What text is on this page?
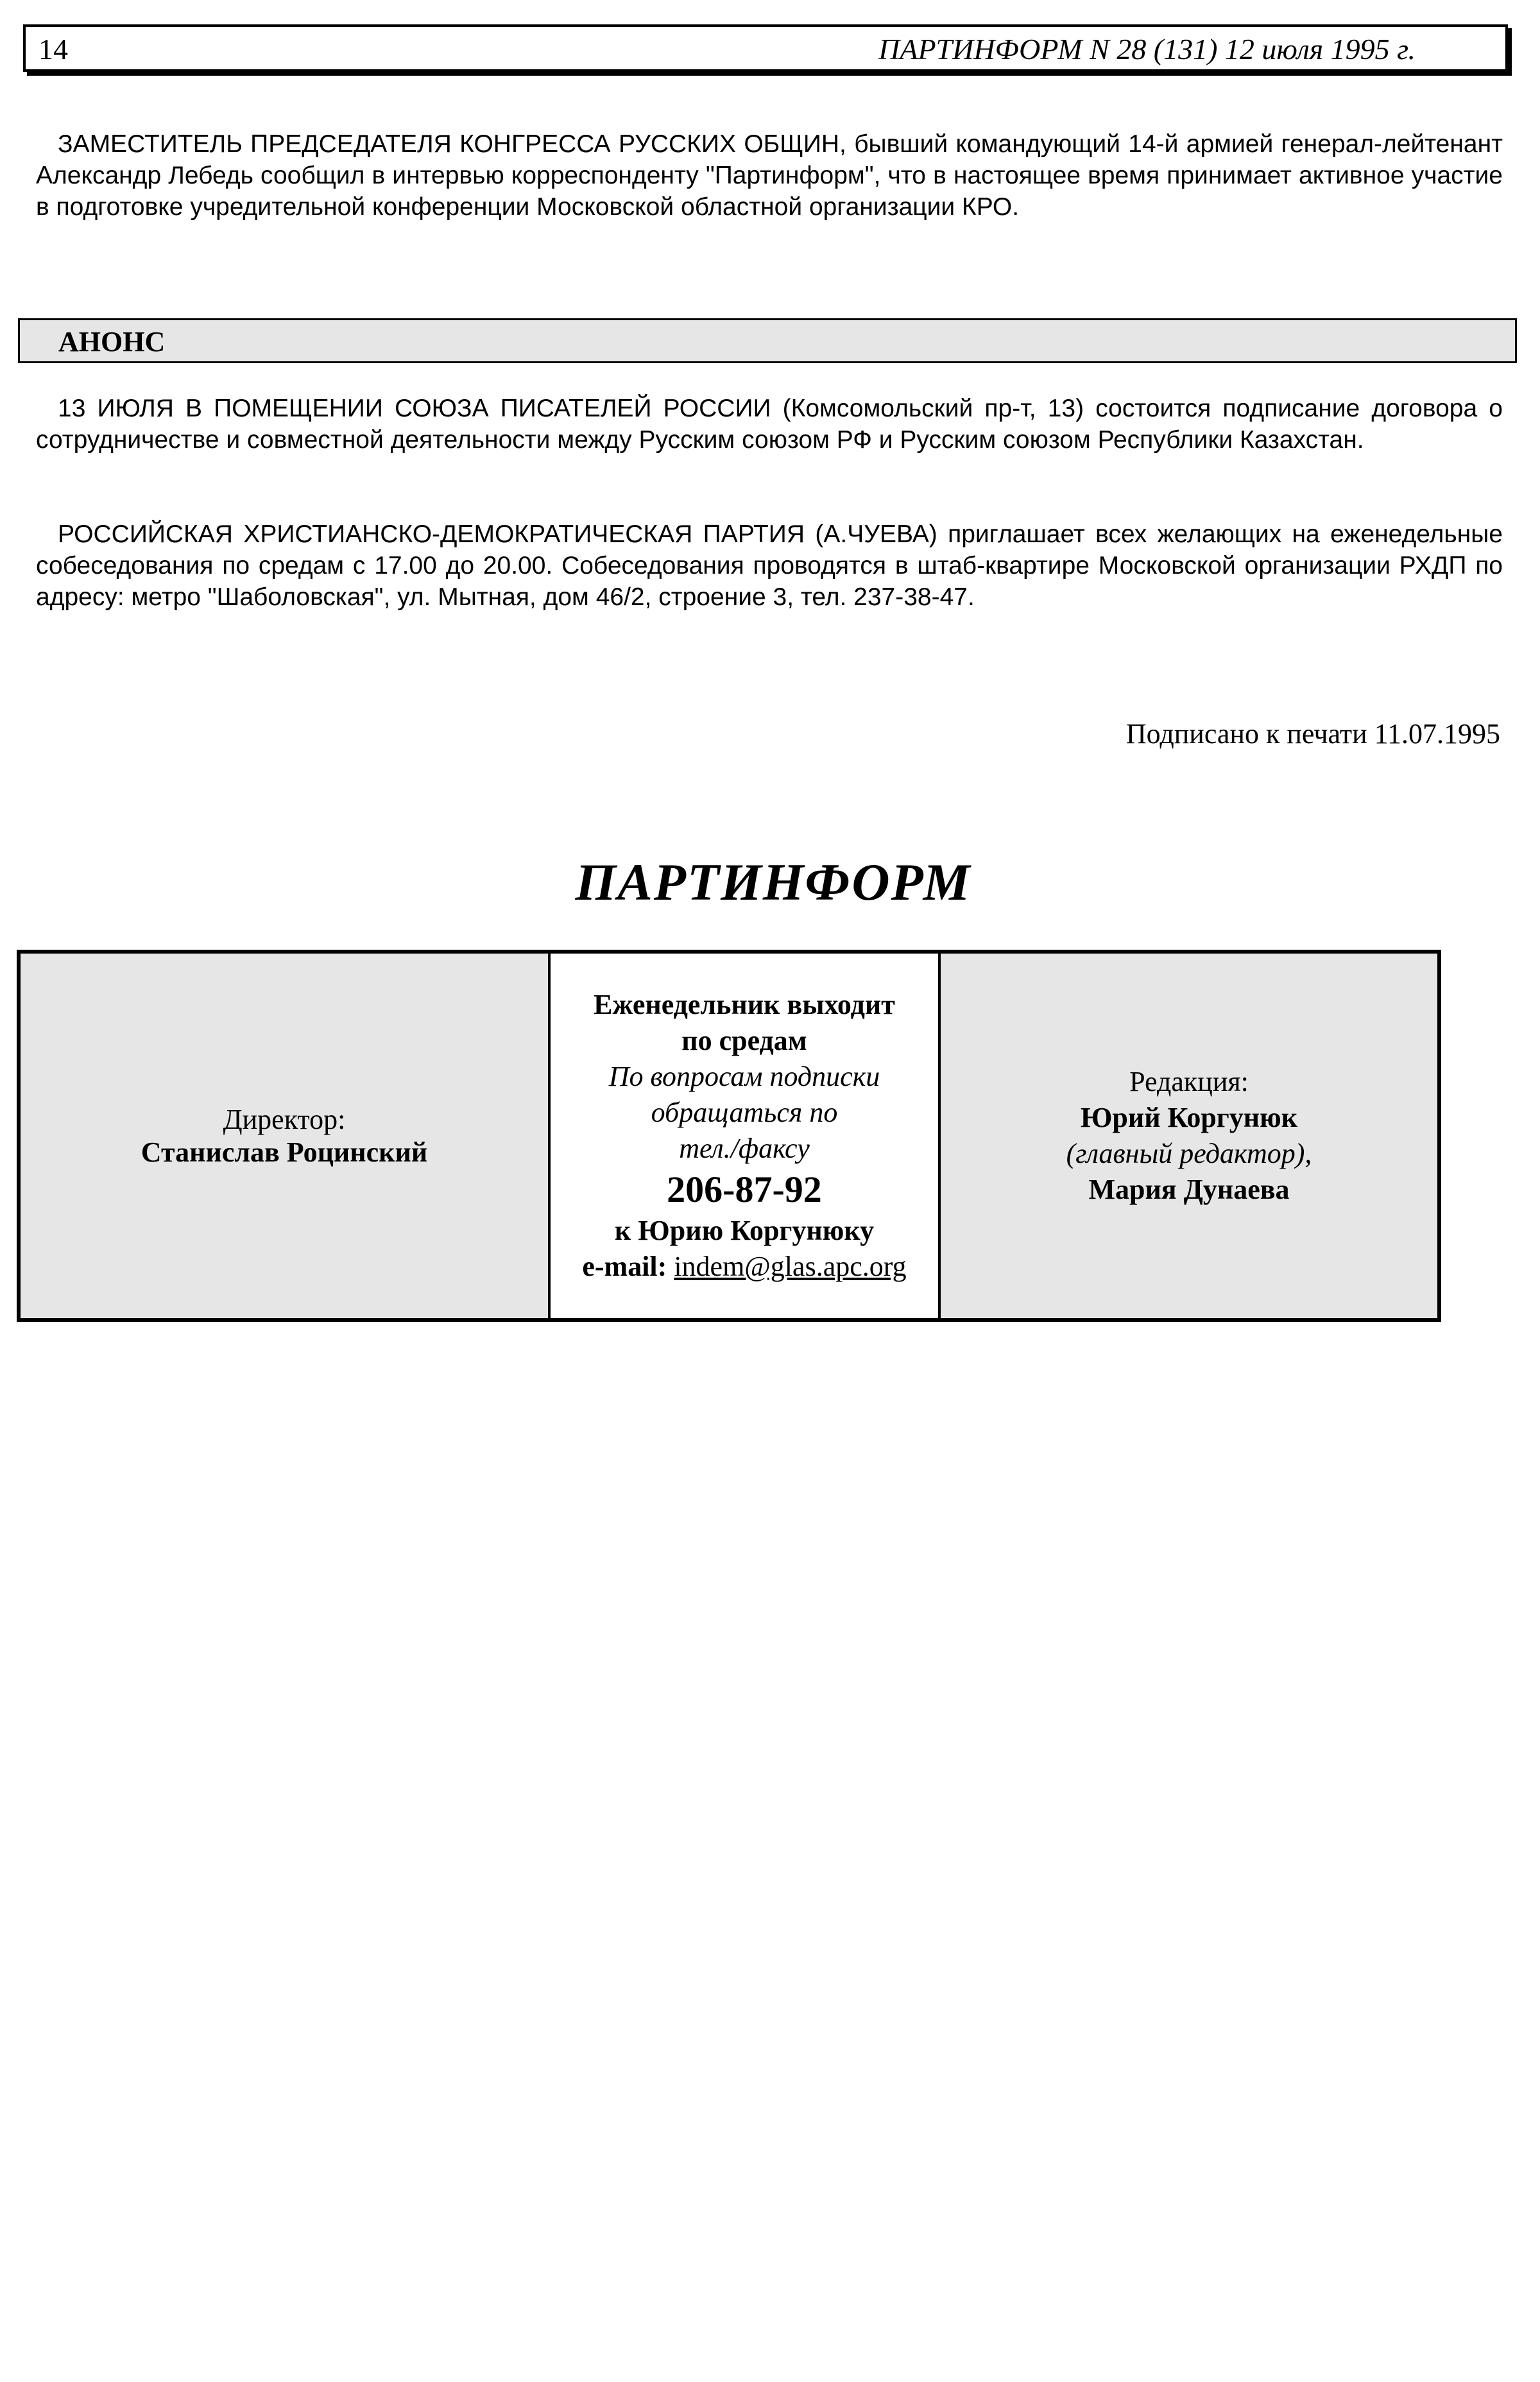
14	ПАРТИНФОРМ N 28 (131) 12 июля 1995 г.

ЗАМЕСТИТЕЛЬ ПРЕДСЕДАТЕЛЯ КОНГРЕССА РУССКИХ ОБЩИН, бывший командующий 14-й армией генерал-лейтенант Александр Лебедь сообщил в интервью корреспонденту "Партинформ", что в настоящее время принимает активное участие в подготовке учредительной конференции Московской областной организации КРО.

АНОНС

13 ИЮЛЯ В ПОМЕЩЕНИИ СОЮЗА ПИСАТЕЛЕЙ РОССИИ (Комсомольский пр-т, 13) состоится подписание договора о сотрудничестве и совместной деятельности между Русским союзом РФ и Русским союзом Республики Казахстан.

РОССИЙСКАЯ ХРИСТИАНСКО-ДЕМОКРАТИЧЕСКАЯ ПАРТИЯ (А.ЧУЕВА) приглашает всех желающих на еженедельные собеседования по средам с 17.00 до 20.00. Собеседования проводятся в штаб-квартире Московской организации РХДП по адресу: метро "Шаболовская", ул. Мытная, дом 46/2, строение 3, тел. 237-38-47.

Подписано к печати 11.07.1995
ПАРТИНФОРМ
Директор:
Станислав Роцинский
Еженедельник выходит
по средам
По вопросам подписки
обращаться по
тел./факсу
206-87-92
к Юрию Коргунюку
e-mail: indem@glas.apc.org
Редакция:
Юрий Коргунюк
(главный редактор),
Мария Дунаева
